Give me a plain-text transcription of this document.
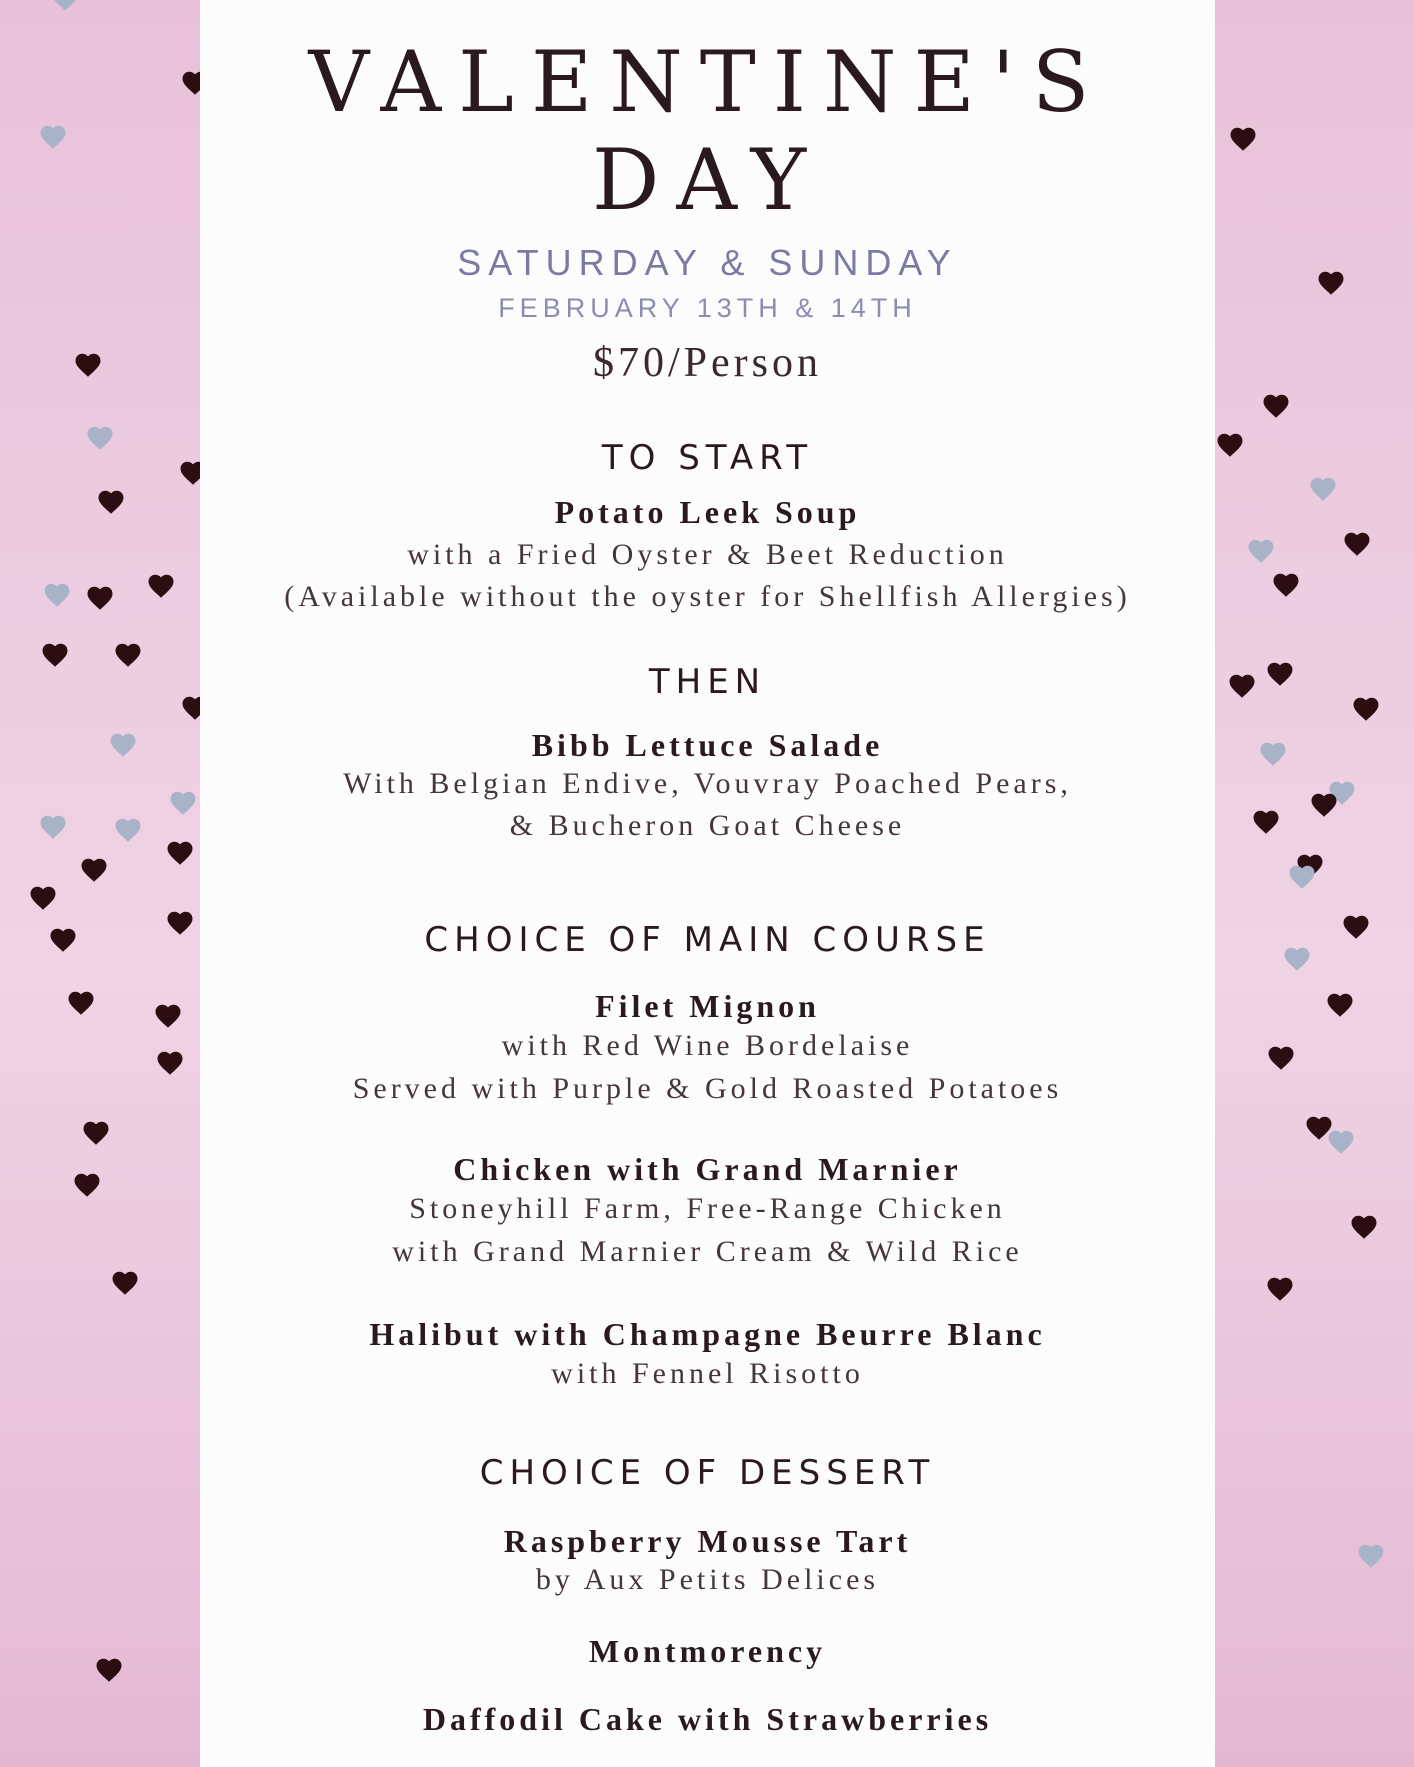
VALENTINE'S
DAY
SATURDAY & SUNDAY
FEBRUARY 13TH & 14TH
$70/Person
TO START
Potato Leek Soup
with a Fried Oyster & Beet Reduction
(Available without the oyster for Shellfish Allergies)
THEN
Bibb Lettuce Salade
With Belgian Endive, Vouvray Poached Pears,
& Bucheron Goat Cheese
CHOICE OF MAIN COURSE
Filet Mignon
with Red Wine Bordelaise
Served with Purple & Gold Roasted Potatoes
Chicken with Grand Marnier
Stoneyhill Farm, Free-Range Chicken
with Grand Marnier Cream & Wild Rice
Halibut with Champagne Beurre Blanc
with Fennel Risotto
CHOICE OF DESSERT
Raspberry Mousse Tart
by Aux Petits Delices
Montmorency
Daffodil Cake with Strawberries
